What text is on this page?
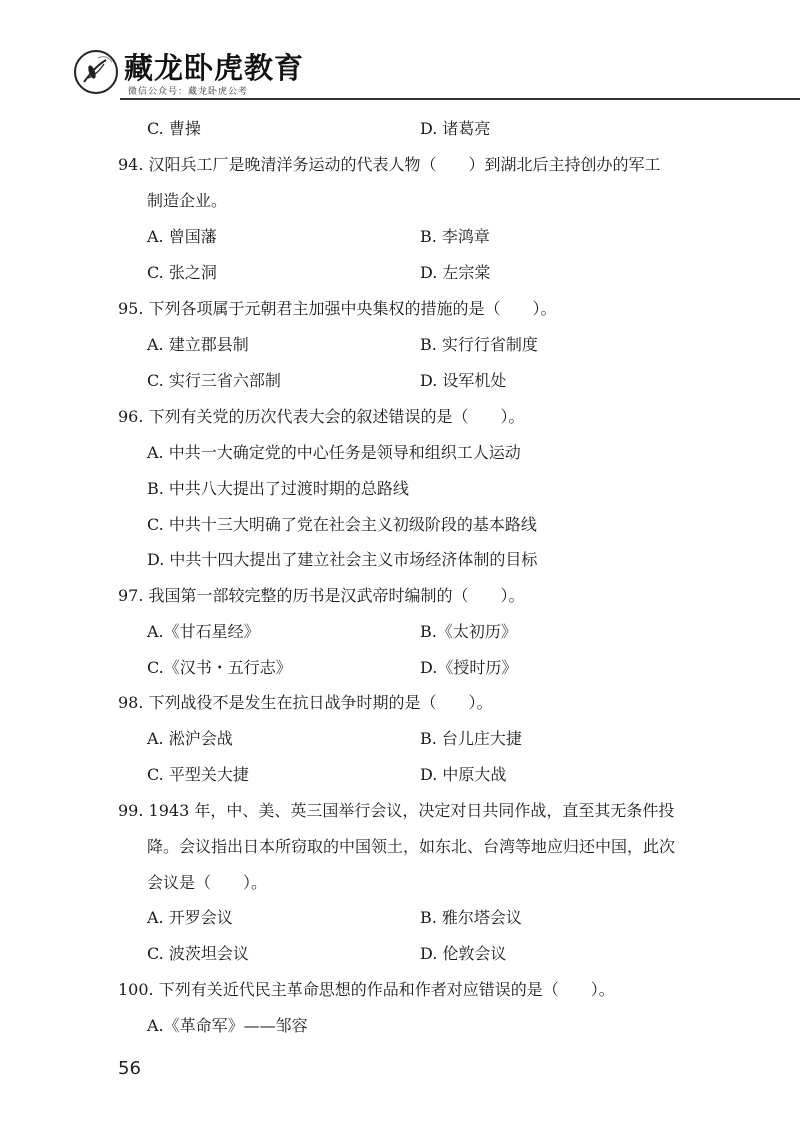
藏龙卧虎教育
微信公众号：藏龙卧虎公考
C. 曹操	D. 诸葛亮
94. 汉阳兵工厂是晚清洋务运动的代表人物（　　）到湖北后主持创办的军工
制造企业。
A. 曾国藩	B. 李鸿章
C. 张之洞	D. 左宗棠
95. 下列各项属于元朝君主加强中央集权的措施的是（　　）。
A. 建立郡县制	B. 实行行省制度
C. 实行三省六部制	D. 设军机处
96. 下列有关党的历次代表大会的叙述错误的是（　　）。
A. 中共一大确定党的中心任务是领导和组织工人运动
B. 中共八大提出了过渡时期的总路线
C. 中共十三大明确了党在社会主义初级阶段的基本路线
D. 中共十四大提出了建立社会主义市场经济体制的目标
97. 我国第一部较完整的历书是汉武帝时编制的（　　）。
A.《甘石星经》	B.《太初历》
C.《汉书・五行志》	D.《授时历》
98. 下列战役不是发生在抗日战争时期的是（　　）。
A. 淞沪会战	B. 台儿庄大捷
C. 平型关大捷	D. 中原大战
99. 1943 年，中、美、英三国举行会议，决定对日共同作战，直至其无条件投
降。会议指出日本所窃取的中国领土，如东北、台湾等地应归还中国，此次
会议是（　　）。
A. 开罗会议	B. 雅尔塔会议
C. 波茨坦会议	D. 伦敦会议
100. 下列有关近代民主革命思想的作品和作者对应错误的是（　　）。
A.《革命军》——邹容
56
